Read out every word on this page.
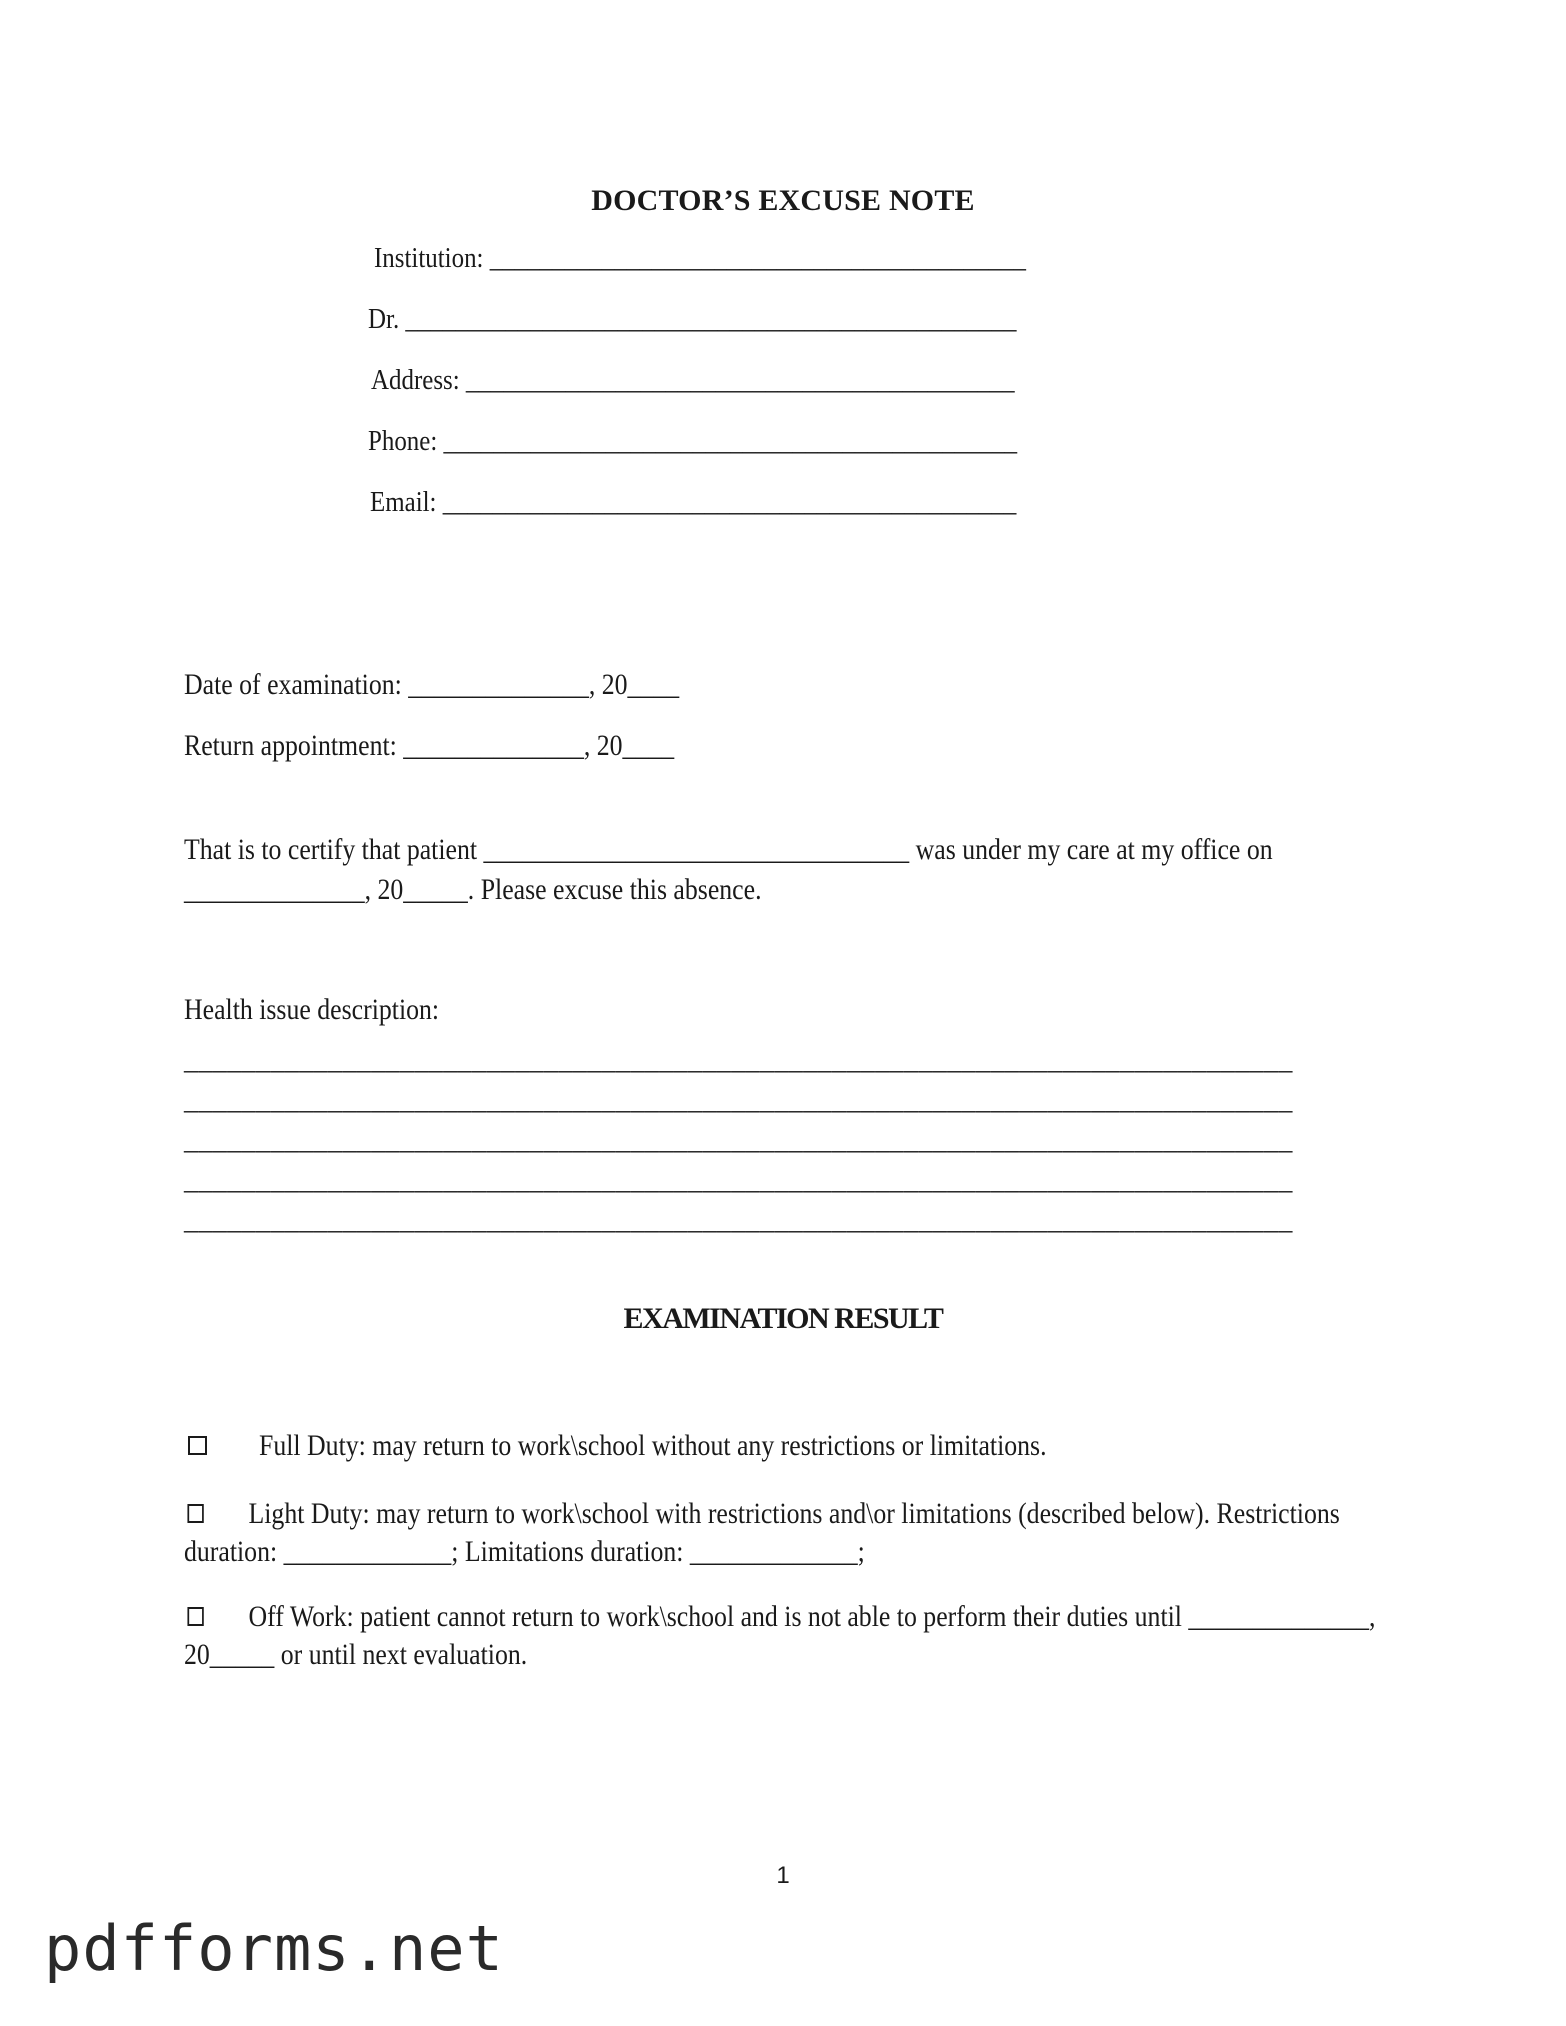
DOCTOR’S EXCUSE NOTE
Institution: ___________________________________________
Dr. _________________________________________________
Address: ____________________________________________
Phone: ______________________________________________
Email: ______________________________________________
Date of examination: ______________, 20____
Return appointment: ______________, 20____
That is to certify that patient _________________________________ was under my care at my office on ______________, 20_____. Please excuse this absence.
Health issue description:
_____________________________________________________________________________
_____________________________________________________________________________
_____________________________________________________________________________
_____________________________________________________________________________
_____________________________________________________________________________
EXAMINATION RESULT
Full Duty: may return to work\school without any restrictions or limitations.
Light Duty: may return to work\school with restrictions and\or limitations (described below). Restrictions duration: _____________; Limitations duration: _____________;
Off Work: patient cannot return to work\school and is not able to perform their duties until ______________, 20_____ or until next evaluation.
1
pdfforms.net
